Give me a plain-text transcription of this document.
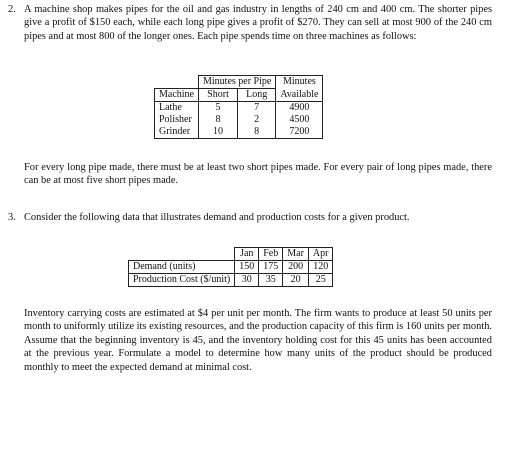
2. A machine shop makes pipes for the oil and gas industry in lengths of 240 cm and 400 cm. The shorter pipes give a profit of $150 each, while each long pipe gives a profit of $270. They can sell at most 900 of the 240 cm pipes and at most 800 of the longer ones. Each pipe spends time on three machines as follows:
	Minutes per Pipe		Minutes
Machine	Short	Long	Available
Lathe	5	7	4900
Polisher	8	2	4500
Grinder	10	8	7200
For every long pipe made, there must be at least two short pipes made. For every pair of long pipes made, there can be at most five short pipes made.
3. Consider the following data that illustrates demand and production costs for a given product.
	Jan	Feb	Mar	Apr
Demand (units)	150	175	200	120
Production Cost ($/unit)	30	35	20	25
Inventory carrying costs are estimated at $4 per unit per month. The firm wants to produce at least 50 units per month to uniformly utilize its existing resources, and the production capacity of this firm is 160 units per month. Assume that the beginning inventory is 45, and the inventory holding cost for this 45 units has been accounted at the previous year. Formulate a model to determine how many units of the product should be produced monthly to meet the expected demand at minimal cost.
